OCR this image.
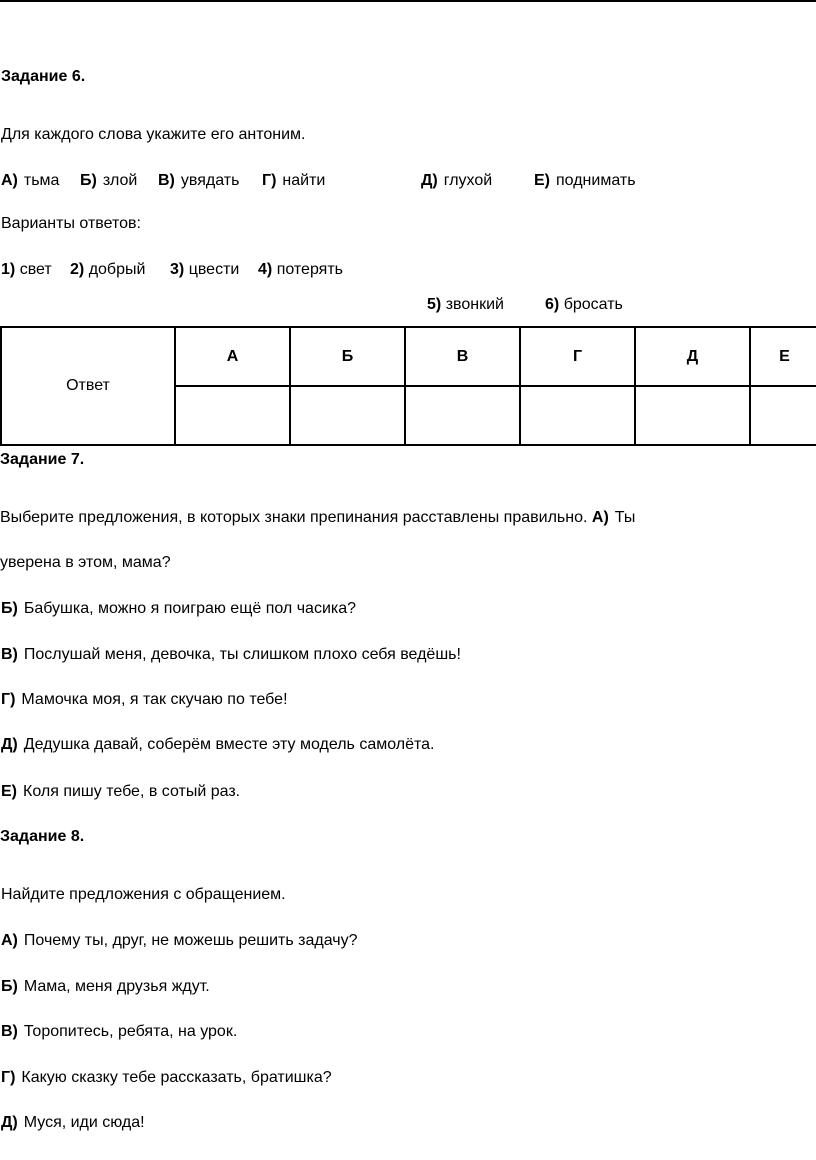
Задание 6.
Для каждого слова укажите его антоним.
А) тьма Б) злой В) увядать Г) найти	Д) глухой	Е) поднимать
Варианты ответов:
1) свет 2) добрый 3) цвести 4) потерять
5) звонкий	6) бросать
Ответ	А	Б	В	Г	Д	Е

Задание 7.
Выберите предложения, в которых знаки препинания расставлены правильно. А) Ты
уверена в этом, мама?
Б) Бабушка, можно я поиграю ещё пол часика?
В) Послушай меня, девочка, ты слишком плохо себя ведёшь!
Г) Мамочка моя, я так скучаю по тебе!
Д) Дедушка давай, соберём вместе эту модель самолёта.
Е) Коля пишу тебе, в сотый раз.
Задание 8.
Найдите предложения с обращением.
А) Почему ты, друг, не можешь решить задачу?
Б) Мама, меня друзья ждут.
В) Торопитесь, ребята, на урок.
Г) Какую сказку тебе рассказать, братишка?
Д) Муся, иди сюда!
